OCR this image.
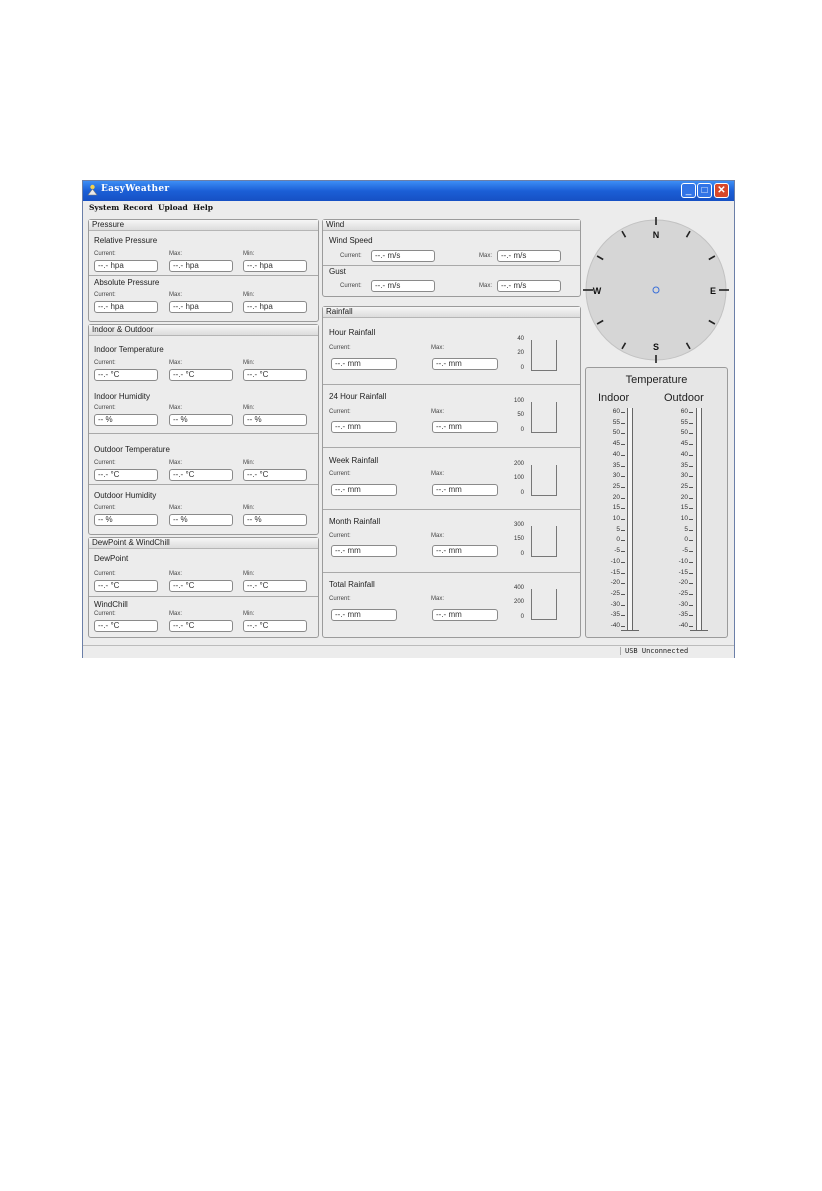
EasyWeather	_	□ ✕
System Record Upload Help
Pressure
Relative Pressure
Current:	Max:	Min:
--.- hpa	--.- hpa	--.- hpa
Absolute Pressure
Current:	Max:	Min:
--.- hpa	--.- hpa	--.- hpa
Indoor & Outdoor
Indoor Temperature
Current:	Max:	Min:
--.- °C	--.- °C	--.- °C
Indoor Humidity
Current:	Max:	Min:
-- %	-- %	-- %
Outdoor Temperature
Current:	Max:	Min:
--.- °C	--.- °C	--.- °C
Outdoor Humidity
Current:	Max:	Min:
-- %	-- %	-- %
DewPoint & WindChill
DewPoint
Current:	Max:	Min:
--.- °C	--.- °C	--.- °C
WindChill
Current:	Max:	Min:
--.- °C	--.- °C	--.- °C
Wind
Wind Speed
Current:	--.- m/s	Max:	--.- m/s
Gust
Current:	--.- m/s	Max:	--.- m/s
Rainfall
Hour Rainfall
Current:	Max:
--.- mm	--.- mm
40
20
0
24 Hour Rainfall
Current:	Max:
--.- mm	--.- mm
100
50
0
Week Rainfall
Current:	Max:
--.- mm	--.- mm
200
100
0
Month Rainfall
Current:	Max:
--.- mm	--.- mm
300
150
0
Total Rainfall
Current:	Max:
--.- mm	--.- mm
400
200
0
N
S
W	E
Temperature
Indoor	Outdoor
60
55
50
45
40
35
30
25
20
15
10
5
0
-5
-10
-15
-20
-25
-30
-35
-40
60
55
50
45
40
35
30
25
20
15
10
5
0
-5
-10
-15
-20
-25
-30
-35
-40
USB Unconnected
